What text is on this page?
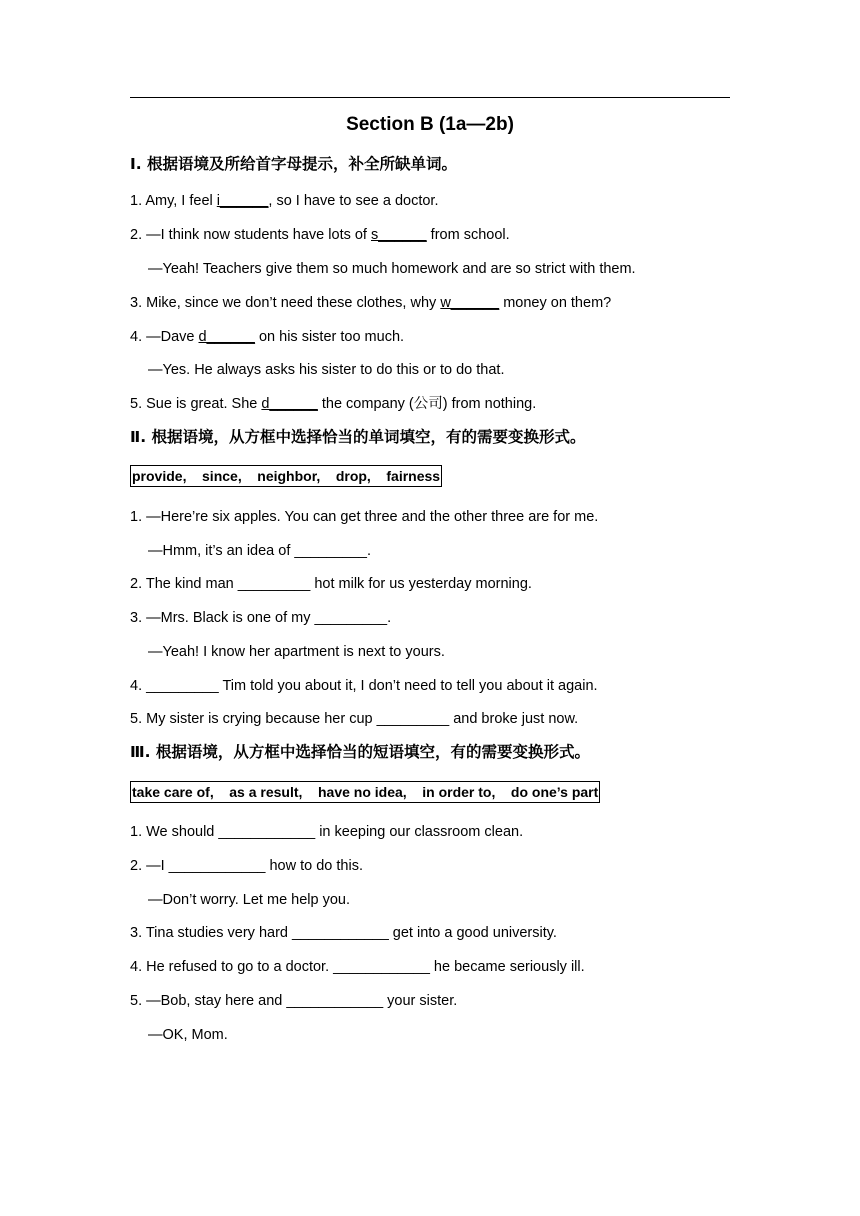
Section B (1a—2b)
Ⅰ. 根据语境及所给首字母提示，补全所缺单词。
1. Amy, I feel i______, so I have to see a doctor.
2. —I think now students have lots of s______ from school.
—Yeah! Teachers give them so much homework and are so strict with them.
3. Mike, since we don’t need these clothes, why w______ money on them?
4. —Dave d______ on his sister too much.
—Yes. He always asks his sister to do this or to do that.
5. Sue is great. She d______ the company (公司) from nothing.
Ⅱ. 根据语境，从方框中选择恰当的单词填空，有的需要变换形式。
provide,    since,    neighbor,    drop,    fairness
1. —Here’re six apples. You can get three and the other three are for me.
—Hmm, it’s an idea of _________.
2. The kind man _________ hot milk for us yesterday morning.
3. —Mrs. Black is one of my _________.
—Yeah! I know her apartment is next to yours.
4. _________ Tim told you about it, I don’t need to tell you about it again.
5. My sister is crying because her cup _________ and broke just now.
Ⅲ. 根据语境，从方框中选择恰当的短语填空，有的需要变换形式。
take care of,    as a result,    have no idea,    in order to,    do one’s part
1. We should ____________ in keeping our classroom clean.
2. —I ____________ how to do this.
—Don’t worry. Let me help you.
3. Tina studies very hard ____________ get into a good university.
4. He refused to go to a doctor. ____________ he became seriously ill.
5. —Bob, stay here and ____________ your sister.
—OK, Mom.
